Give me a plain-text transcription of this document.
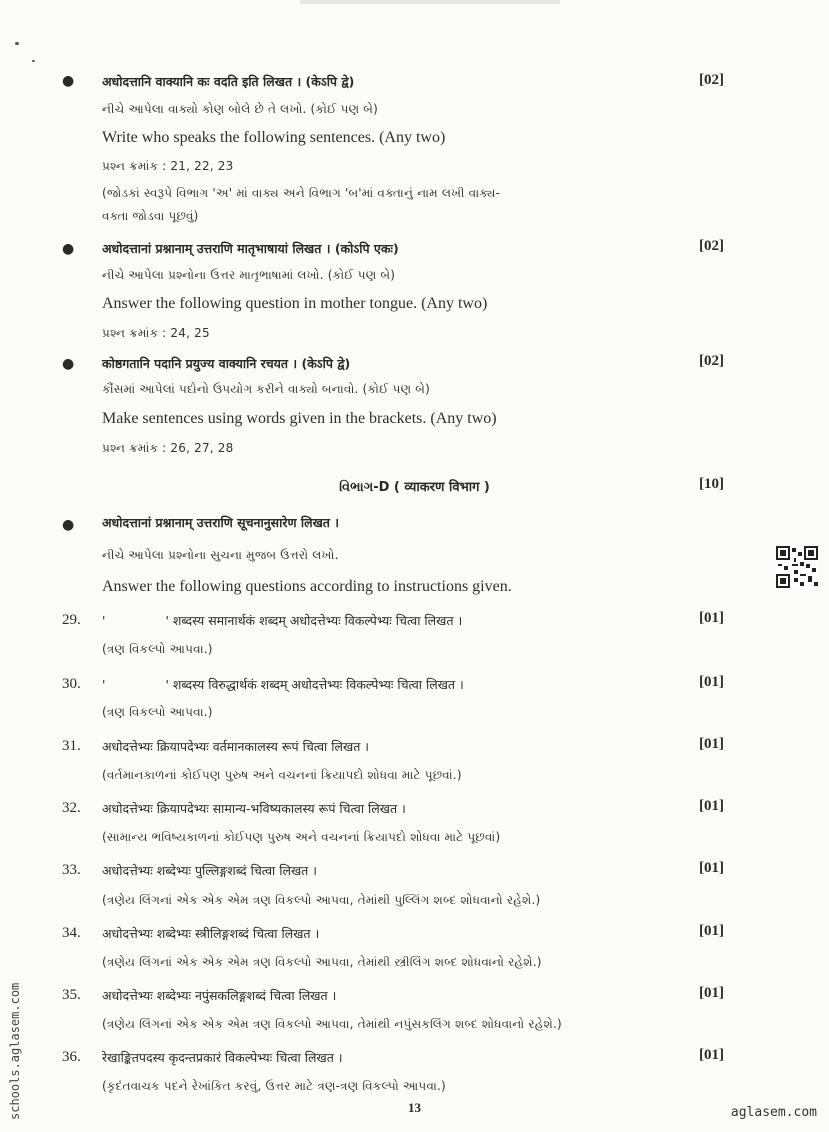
● अधोदत्तानि वाक्यानि कः वदति इति लिखत । (केऽपि द्वे)	[02]
નીચે આપેલા વાક્યો કોણ બોલે છે તે લખો. (કોઈ પણ બે)
Write who speaks the following sentences. (Any two)
પ્રશ્ન ક્રમાંક : 21, 22, 23
(જોડકાં સ્વરૂપે વિભાગ 'અ' માં વાક્ય અને વિભાગ 'બ'માં વક્તાનું નામ લખી વાક્ય-
વક્તા જોડવા પૂછવું)
● अधोदत्तानां प्रश्नानाम् उत्तराणि मातृभाषायां लिखत । (कोऽपि एकः)	[02]
નીચે આપેલા પ્રશ્નોના ઉત્તર માતૃભાષામાં લખો. (કોઈ પણ બે)
Answer the following question in mother tongue. (Any two)
પ્રશ્ન ક્રમાંક : 24, 25
● कोष्ठगतानि पदानि प्रयुज्य वाक्यानि रचयत । (केऽपि द्वे)	[02]
કૌંસમાં આપેલાં પદોનો ઉપયોગ કરીને વાક્યો બનાવો. (કોઈ પણ બે)
Make sentences using words given in the brackets. (Any two)
પ્રશ્ન ક્રમાંક : 26, 27, 28
વિભાગ-D ( व्याकरण विभाग )	[10]
● अधोदत्तानां प्रश्नानाम् उत्तराणि सूचनानुसारेण लिखत ।
નીચે આપેલા પ્રશ્નોના સુચના મુજબ ઉત્તરો લખો.
Answer the following questions according to instructions given.
29. '	' शब्दस्य समानार्थकं शब्दम् अधोदत्तेभ्यः विकल्पेभ्यः चित्वा लिखत ।	[01]
(ત્રણ વિકલ્પો આપવા.)
30. '	' शब्दस्य विरुद्धार्थकं शब्दम् अधोदत्तेभ्यः विकल्पेभ्यः चित्वा लिखत ।	[01]
(ત્રણ વિકલ્પો આપવા.)
31. अधोदत्तेभ्यः क्रियापदेभ्यः वर्तमानकालस्य रूपं चित्वा लिखत ।	[01]
(વર્તમાનકાળનાં કોઈપણ પુરુષ અને વચનનાં ક્રિયાપદો શોધવા માટે પૂછવાં.)
32. अधोदत्तेभ्यः क्रियापदेभ्यः सामान्य-भविष्यकालस्य रूपं चित्वा लिखत ।	[01]
(સામાન્ય ભવિષ્યકાળનાં કોઈપણ પુરુષ અને વચનનાં ક્રિયાપદો શોધવા માટે પૂછવાં)
33. अधोदत्तेभ्यः शब्देभ्यः पुल्लिङ्गशब्दं चित्वा लिखत ।	[01]
(ત્રણેય લિંગનાં એક એક એમ ત્રણ વિકલ્પો આપવા, તેમાંથી પુલ્લિંગ શબ્દ શોધવાનો રહેશે.)
34. अधोदत्तेभ्यः शब्देभ्यः स्त्रीलिङ्गशब्दं चित्वा लिखत ।	[01]
(ત્રણેય લિંગનાં એક એક એમ ત્રણ વિકલ્પો આપવા, તેમાંથી સ્ત્રીલિંગ શબ્દ શોધવાનો રહેશે.)
35. अधोदत्तेभ्यः शब्देभ्यः नपुंसकलिङ्गशब्दं चित्वा लिखत ।	[01]
(ત્રણેય લિંગનાં એક એક એમ ત્રણ વિકલ્પો આપવા, તેમાંથી નપુંસકલિંગ શબ્દ શોધવાનો રહેશે.)
36. रेखाङ्कितपदस्य कृदन्तप्रकारं विकल्पेभ्यः चित्वा लिखत ।	[01]
(કૃદંતવાચક પદને રેખાંકિત કરવું, ઉત્તર માટે ત્રણ-ત્રણ વિકલ્પો આપવા.)
13
schools.aglasem.com	aglasem.com
